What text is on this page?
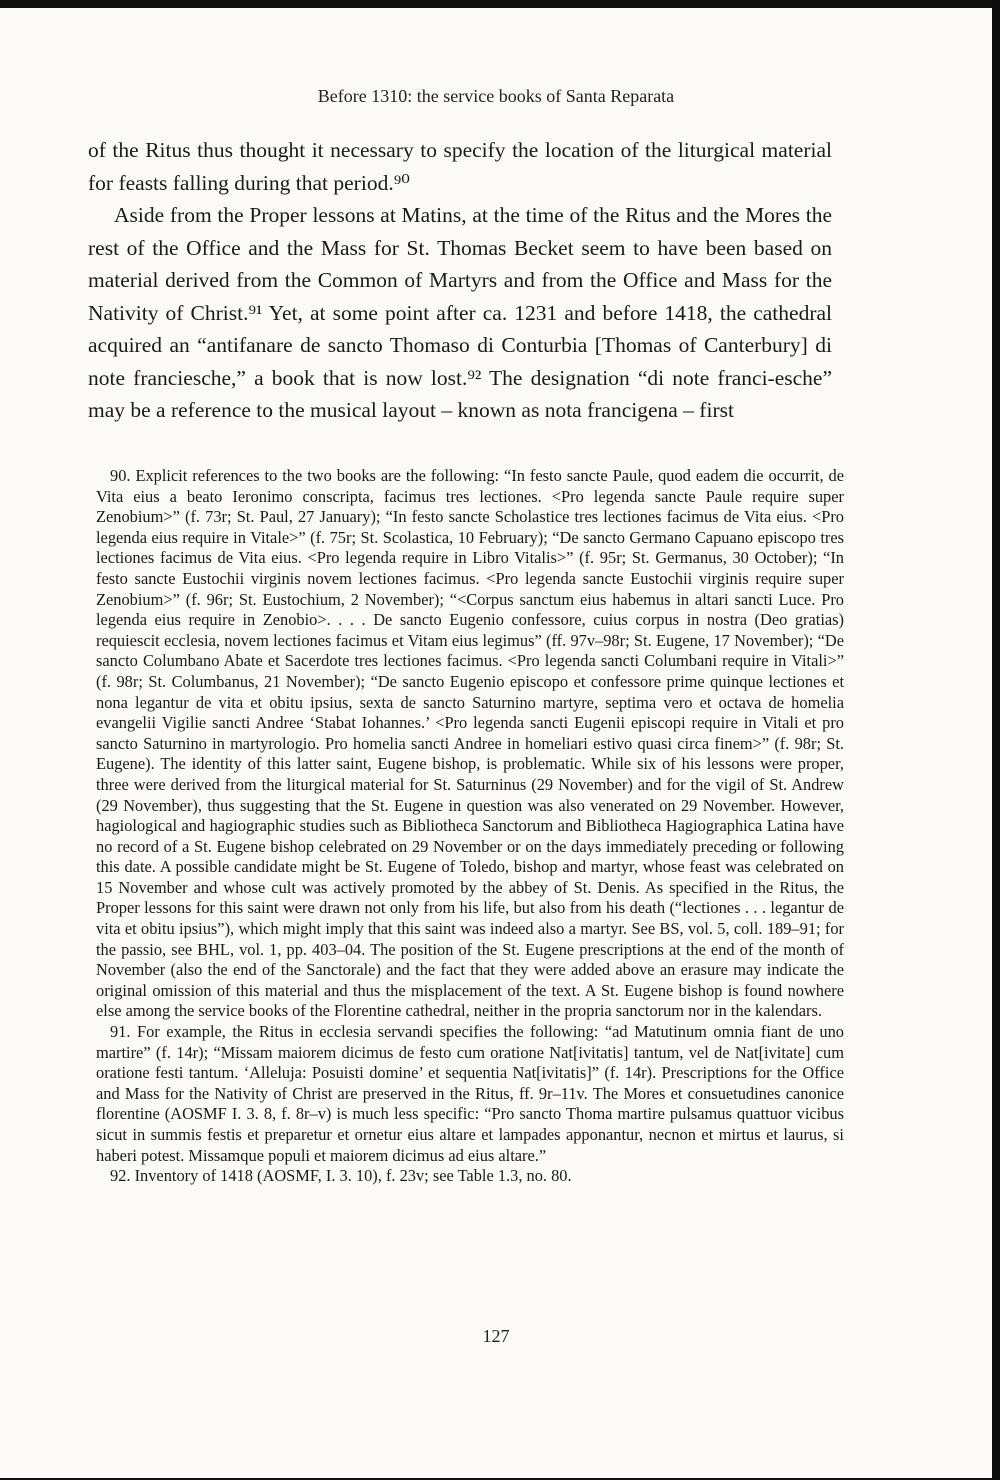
Before 1310: the service books of Santa Reparata

of the Ritus thus thought it necessary to specify the location of the liturgical material for feasts falling during that period.⁹⁰

Aside from the Proper lessons at Matins, at the time of the Ritus and the Mores the rest of the Office and the Mass for St. Thomas Becket seem to have been based on material derived from the Common of Martyrs and from the Office and Mass for the Nativity of Christ.⁹¹ Yet, at some point after ca. 1231 and before 1418, the cathedral acquired an “antifanare de sancto Thomaso di Conturbia [Thomas of Canterbury] di note franciesche,” a book that is now lost.⁹² The designation “di note franci-esche” may be a reference to the musical layout – known as nota francigena – first

90. Explicit references to the two books are the following: “In festo sancte Paule, quod eadem die occurrit, de Vita eius a beato Ieronimo conscripta, facimus tres lectiones. <Pro legenda sancte Paule require super Zenobium>” (f. 73r; St. Paul, 27 January); “In festo sancte Scholastice tres lectiones facimus de Vita eius. <Pro legenda eius require in Vitale>” (f. 75r; St. Scolastica, 10 February); “De sancto Germano Capuano episcopo tres lectiones facimus de Vita eius. <Pro legenda require in Libro Vitalis>” (f. 95r; St. Germanus, 30 October); “In festo sancte Eustochii virginis novem lectiones facimus. <Pro legenda sancte Eustochii virginis require super Zenobium>” (f. 96r; St. Eustochium, 2 November); “<Corpus sanctum eius habemus in altari sancti Luce. Pro legenda eius require in Zenobio>. . . . De sancto Eugenio confessore, cuius corpus in nostra (Deo gratias) requiescit ecclesia, novem lectiones facimus et Vitam eius legimus” (ff. 97v–98r; St. Eugene, 17 November); “De sancto Columbano Abate et Sacerdote tres lectiones facimus. <Pro legenda sancti Columbani require in Vitali>” (f. 98r; St. Columbanus, 21 November); “De sancto Eugenio episcopo et confessore prime quinque lectiones et nona legantur de vita et obitu ipsius, sexta de sancto Saturnino martyre, septima vero et octava de homelia evangelii Vigilie sancti Andree ‘Stabat Iohannes.’ <Pro legenda sancti Eugenii episcopi require in Vitali et pro sancto Saturnino in martyrologio. Pro homelia sancti Andree in homeliari estivo quasi circa finem>” (f. 98r; St. Eugene). The identity of this latter saint, Eugene bishop, is problematic. While six of his lessons were proper, three were derived from the liturgical material for St. Saturninus (29 November) and for the vigil of St. Andrew (29 November), thus suggesting that the St. Eugene in question was also venerated on 29 November. However, hagiological and hagiographic studies such as Bibliotheca Sanctorum and Bibliotheca Hagiographica Latina have no record of a St. Eugene bishop celebrated on 29 November or on the days immediately preceding or following this date. A possible candidate might be St. Eugene of Toledo, bishop and martyr, whose feast was celebrated on 15 November and whose cult was actively promoted by the abbey of St. Denis. As specified in the Ritus, the Proper lessons for this saint were drawn not only from his life, but also from his death (“lectiones . . . legantur de vita et obitu ipsius”), which might imply that this saint was indeed also a martyr. See BS, vol. 5, coll. 189–91; for the passio, see BHL, vol. 1, pp. 403–04. The position of the St. Eugene prescriptions at the end of the month of November (also the end of the Sanctorale) and the fact that they were added above an erasure may indicate the original omission of this material and thus the misplacement of the text. A St. Eugene bishop is found nowhere else among the service books of the Florentine cathedral, neither in the propria sanctorum nor in the kalendars.

91. For example, the Ritus in ecclesia servandi specifies the following: “ad Matutinum omnia fiant de uno martire” (f. 14r); “Missam maiorem dicimus de festo cum oratione Nat[ivitatis] tantum, vel de Nat[ivitate] cum oratione festi tantum. ‘Alleluja: Posuisti domine’ et sequentia Nat[ivitatis]” (f. 14r). Prescriptions for the Office and Mass for the Nativity of Christ are preserved in the Ritus, ff. 9r–11v. The Mores et consuetudines canonice florentine (AOSMF I. 3. 8, f. 8r–v) is much less specific: “Pro sancto Thoma martire pulsamus quattuor vicibus sicut in summis festis et preparetur et ornetur eius altare et lampades apponantur, necnon et mirtus et laurus, si haberi potest. Missamque populi et maiorem dicimus ad eius altare.”

92. Inventory of 1418 (AOSMF, I. 3. 10), f. 23v; see Table 1.3, no. 80.

127
